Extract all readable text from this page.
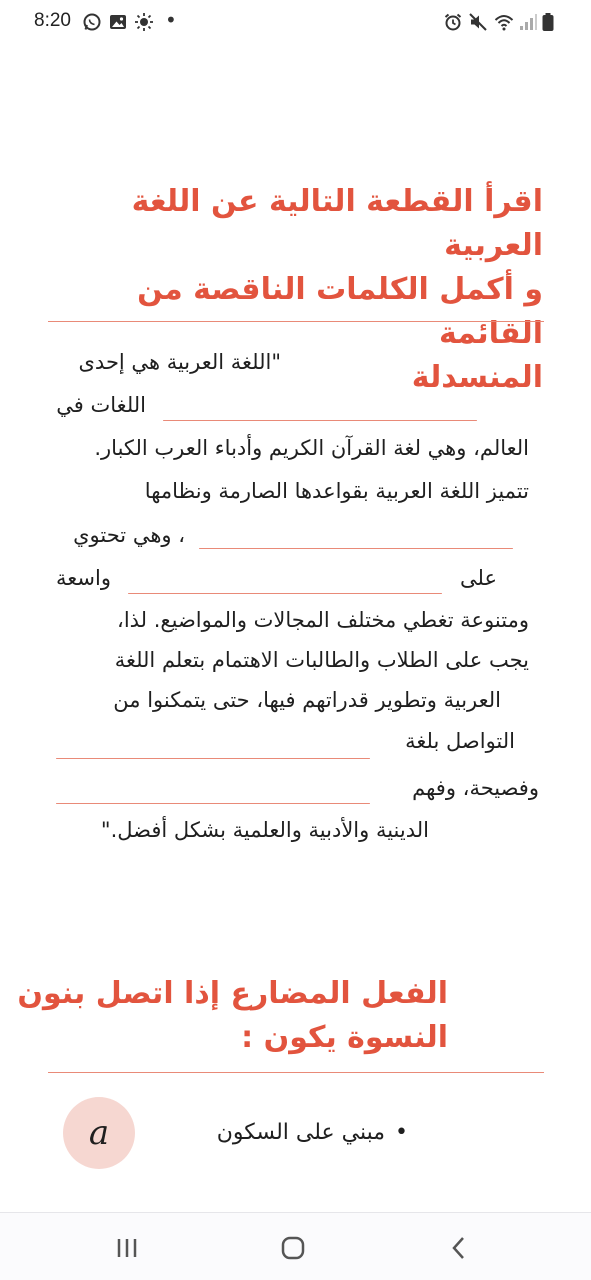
8:20	•
اقرأ القطعة التالية عن اللغة العربية
و أكمل الكلمات الناقصة من القائمة
المنسدلة
"اللغة العربية هي إحدى
اللغات في
العالم، وهي لغة القرآن الكريم وأدباء العرب الكبار.
تتميز اللغة العربية بقواعدها الصارمة ونظامها
، وهي تحتوي
على
واسعة
ومتنوعة تغطي مختلف المجالات والمواضيع. لذا،
يجب على الطلاب والطالبات الاهتمام بتعلم اللغة
العربية وتطوير قدراتهم فيها، حتى يتمكنوا من
التواصل بلغة
وفصيحة، وفهم
الدينية والأدبية والعلمية بشكل أفضل."
الفعل المضارع إذا اتصل بنون
النسوة يكون :
a	•مبني على السكون
